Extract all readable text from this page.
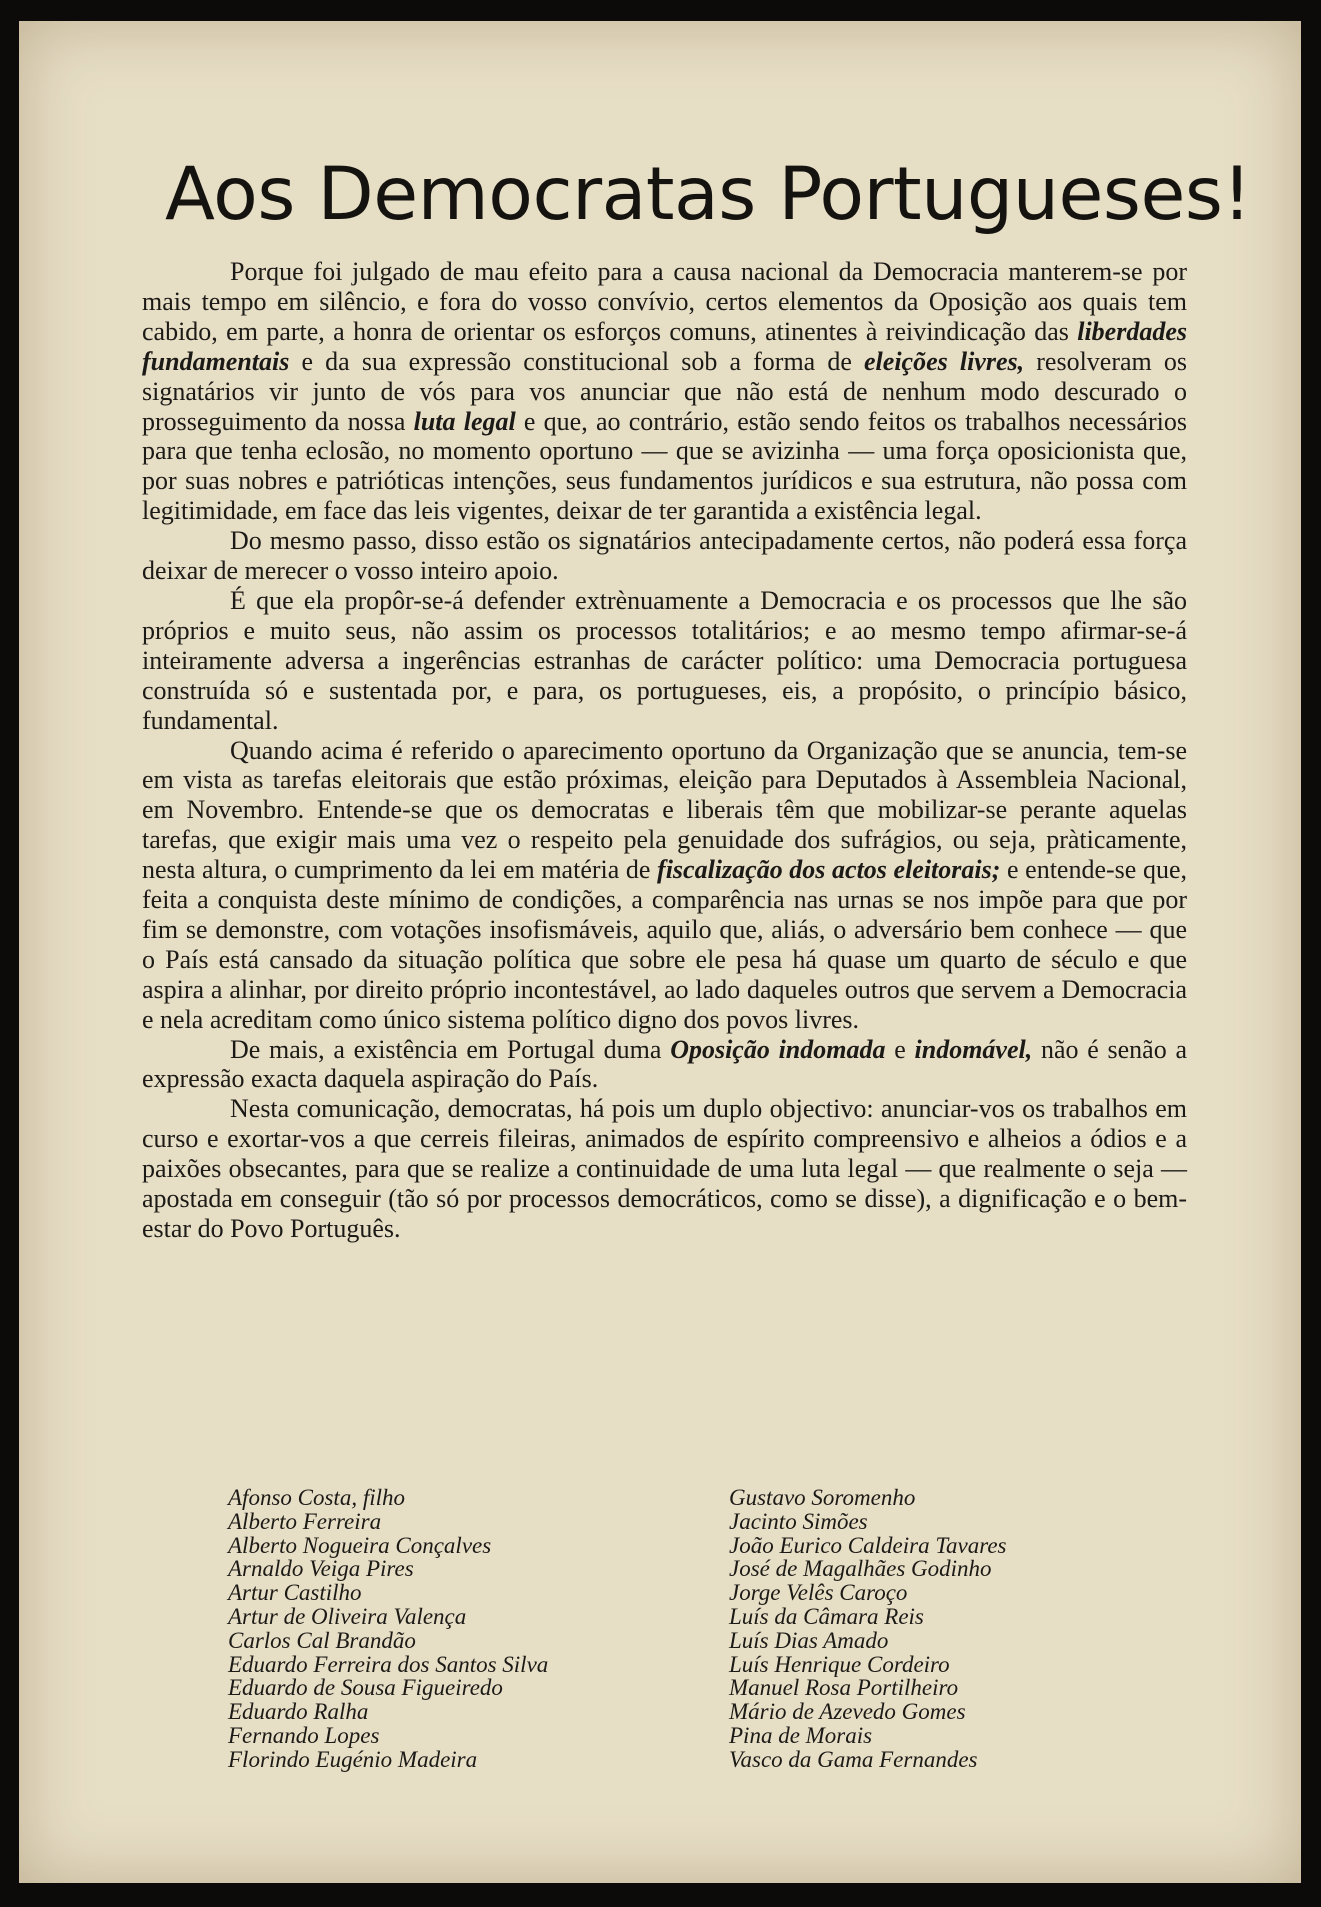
Aos Democratas Portugueses!

Porque foi julgado de mau efeito para a causa nacional da Democracia manterem-se por mais tempo em silêncio, e fora do vosso convívio, certos elementos da Oposição aos quais tem cabido, em parte, a honra de orientar os esforços comuns, atinentes à reivindicação das liberdades fundamentais e da sua expressão constitucional sob a forma de eleições livres, resolveram os signatários vir junto de vós para vos anunciar que não está de nenhum modo descurado o prosseguimento da nossa luta legal e que, ao contrário, estão sendo feitos os trabalhos necessários para que tenha eclosão, no momento oportuno — que se avizinha — uma força oposicionista que, por suas nobres e patrióticas intenções, seus fundamentos jurídicos e sua estrutura, não possa com legitimidade, em face das leis vigentes, deixar de ter garantida a existência legal.

Do mesmo passo, disso estão os signatários antecipadamente certos, não poderá essa força deixar de merecer o vosso inteiro apoio.

É que ela propôr-se-á defender extrènuamente a Democracia e os processos que lhe são próprios e muito seus, não assim os processos totalitários; e ao mesmo tempo afirmar-se-á inteiramente adversa a ingerências estranhas de carácter político: uma Democracia portuguesa construída só e sustentada por, e para, os portugueses, eis, a propósito, o princípio básico, fundamental.

Quando acima é referido o aparecimento oportuno da Organização que se anuncia, tem-se em vista as tarefas eleitorais que estão próximas, eleição para Deputados à Assembleia Nacional, em Novembro. Entende-se que os democratas e liberais têm que mobilizar-se perante aquelas tarefas, que exigir mais uma vez o respeito pela genuidade dos sufrágios, ou seja, pràticamente, nesta altura, o cumprimento da lei em matéria de fiscalização dos actos eleitorais; e entende-se que, feita a conquista deste mínimo de condições, a comparência nas urnas se nos impõe para que por fim se demonstre, com votações insofismáveis, aquilo que, aliás, o adversário bem conhece — que o País está cansado da situação política que sobre ele pesa há quase um quarto de século e que aspira a alinhar, por direito próprio incontestável, ao lado daqueles outros que servem a Democracia e nela acreditam como único sistema político digno dos povos livres.

De mais, a existência em Portugal duma Oposição indomada e indomável, não é senão a expressão exacta daquela aspiração do País.

Nesta comunicação, democratas, há pois um duplo objectivo: anunciar-vos os trabalhos em curso e exortar-vos a que cerreis fileiras, animados de espírito compreensivo e alheios a ódios e a paixões obsecantes, para que se realize a continuidade de uma luta legal — que realmente o seja — apostada em conseguir (tão só por processos democráticos, como se disse), a dignificação e o bem-estar do Povo Português.

Afonso Costa, filho
Alberto Ferreira
Alberto Nogueira Conçalves
Arnaldo Veiga Pires
Artur Castilho
Artur de Oliveira Valença
Carlos Cal Brandão
Eduardo Ferreira dos Santos Silva
Eduardo de Sousa Figueiredo
Eduardo Ralha
Fernando Lopes
Florindo Eugénio Madeira
Gustavo Soromenho
Jacinto Simões
João Eurico Caldeira Tavares
José de Magalhães Godinho
Jorge Velês Caroço
Luís da Câmara Reis
Luís Dias Amado
Luís Henrique Cordeiro
Manuel Rosa Portilheiro
Mário de Azevedo Gomes
Pina de Morais
Vasco da Gama Fernandes
